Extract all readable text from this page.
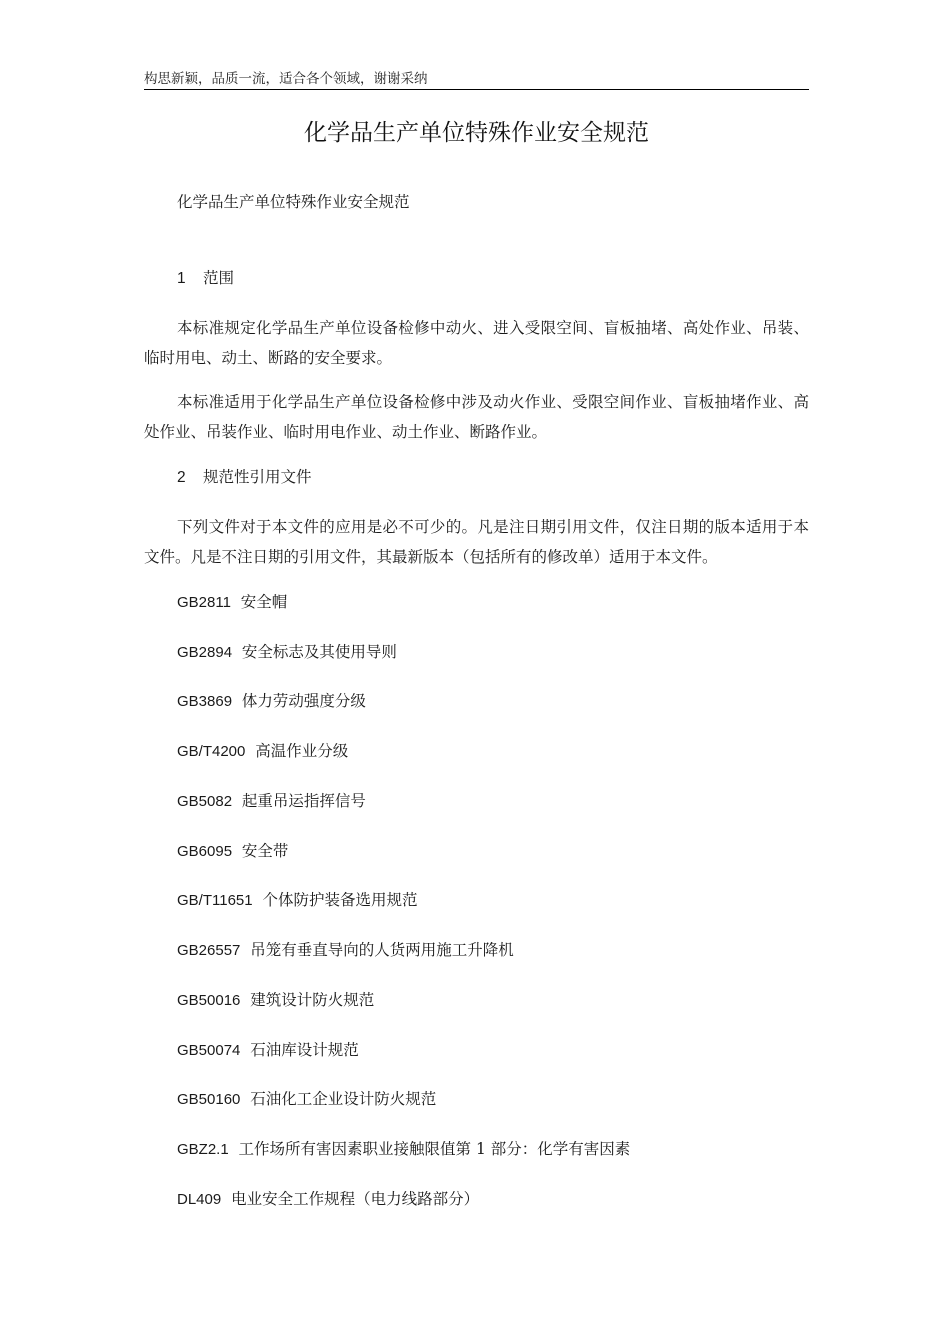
构思新颖，品质一流，适合各个领域，谢谢采纳
化学品生产单位特殊作业安全规范
化学品生产单位特殊作业安全规范
1 范围
本标准规定化学品生产单位设备检修中动火、进入受限空间、盲板抽堵、高处作业、吊装、临时用电、动土、断路的安全要求。
本标准适用于化学品生产单位设备检修中涉及动火作业、受限空间作业、盲板抽堵作业、高处作业、吊装作业、临时用电作业、动土作业、断路作业。
2 规范性引用文件
下列文件对于本文件的应用是必不可少的。凡是注日期引用文件，仅注日期的版本适用于本文件。凡是不注日期的引用文件，其最新版本（包括所有的修改单）适用于本文件。
GB2811 安全帽
GB2894 安全标志及其使用导则
GB3869 体力劳动强度分级
GB/T4200 高温作业分级
GB5082 起重吊运指挥信号
GB6095 安全带
GB/T11651 个体防护装备选用规范
GB26557 吊笼有垂直导向的人货两用施工升降机
GB50016 建筑设计防火规范
GB50074 石油库设计规范
GB50160 石油化工企业设计防火规范
GBZ2.1 工作场所有害因素职业接触限值第 1 部分：化学有害因素
DL409 电业安全工作规程（电力线路部分）
